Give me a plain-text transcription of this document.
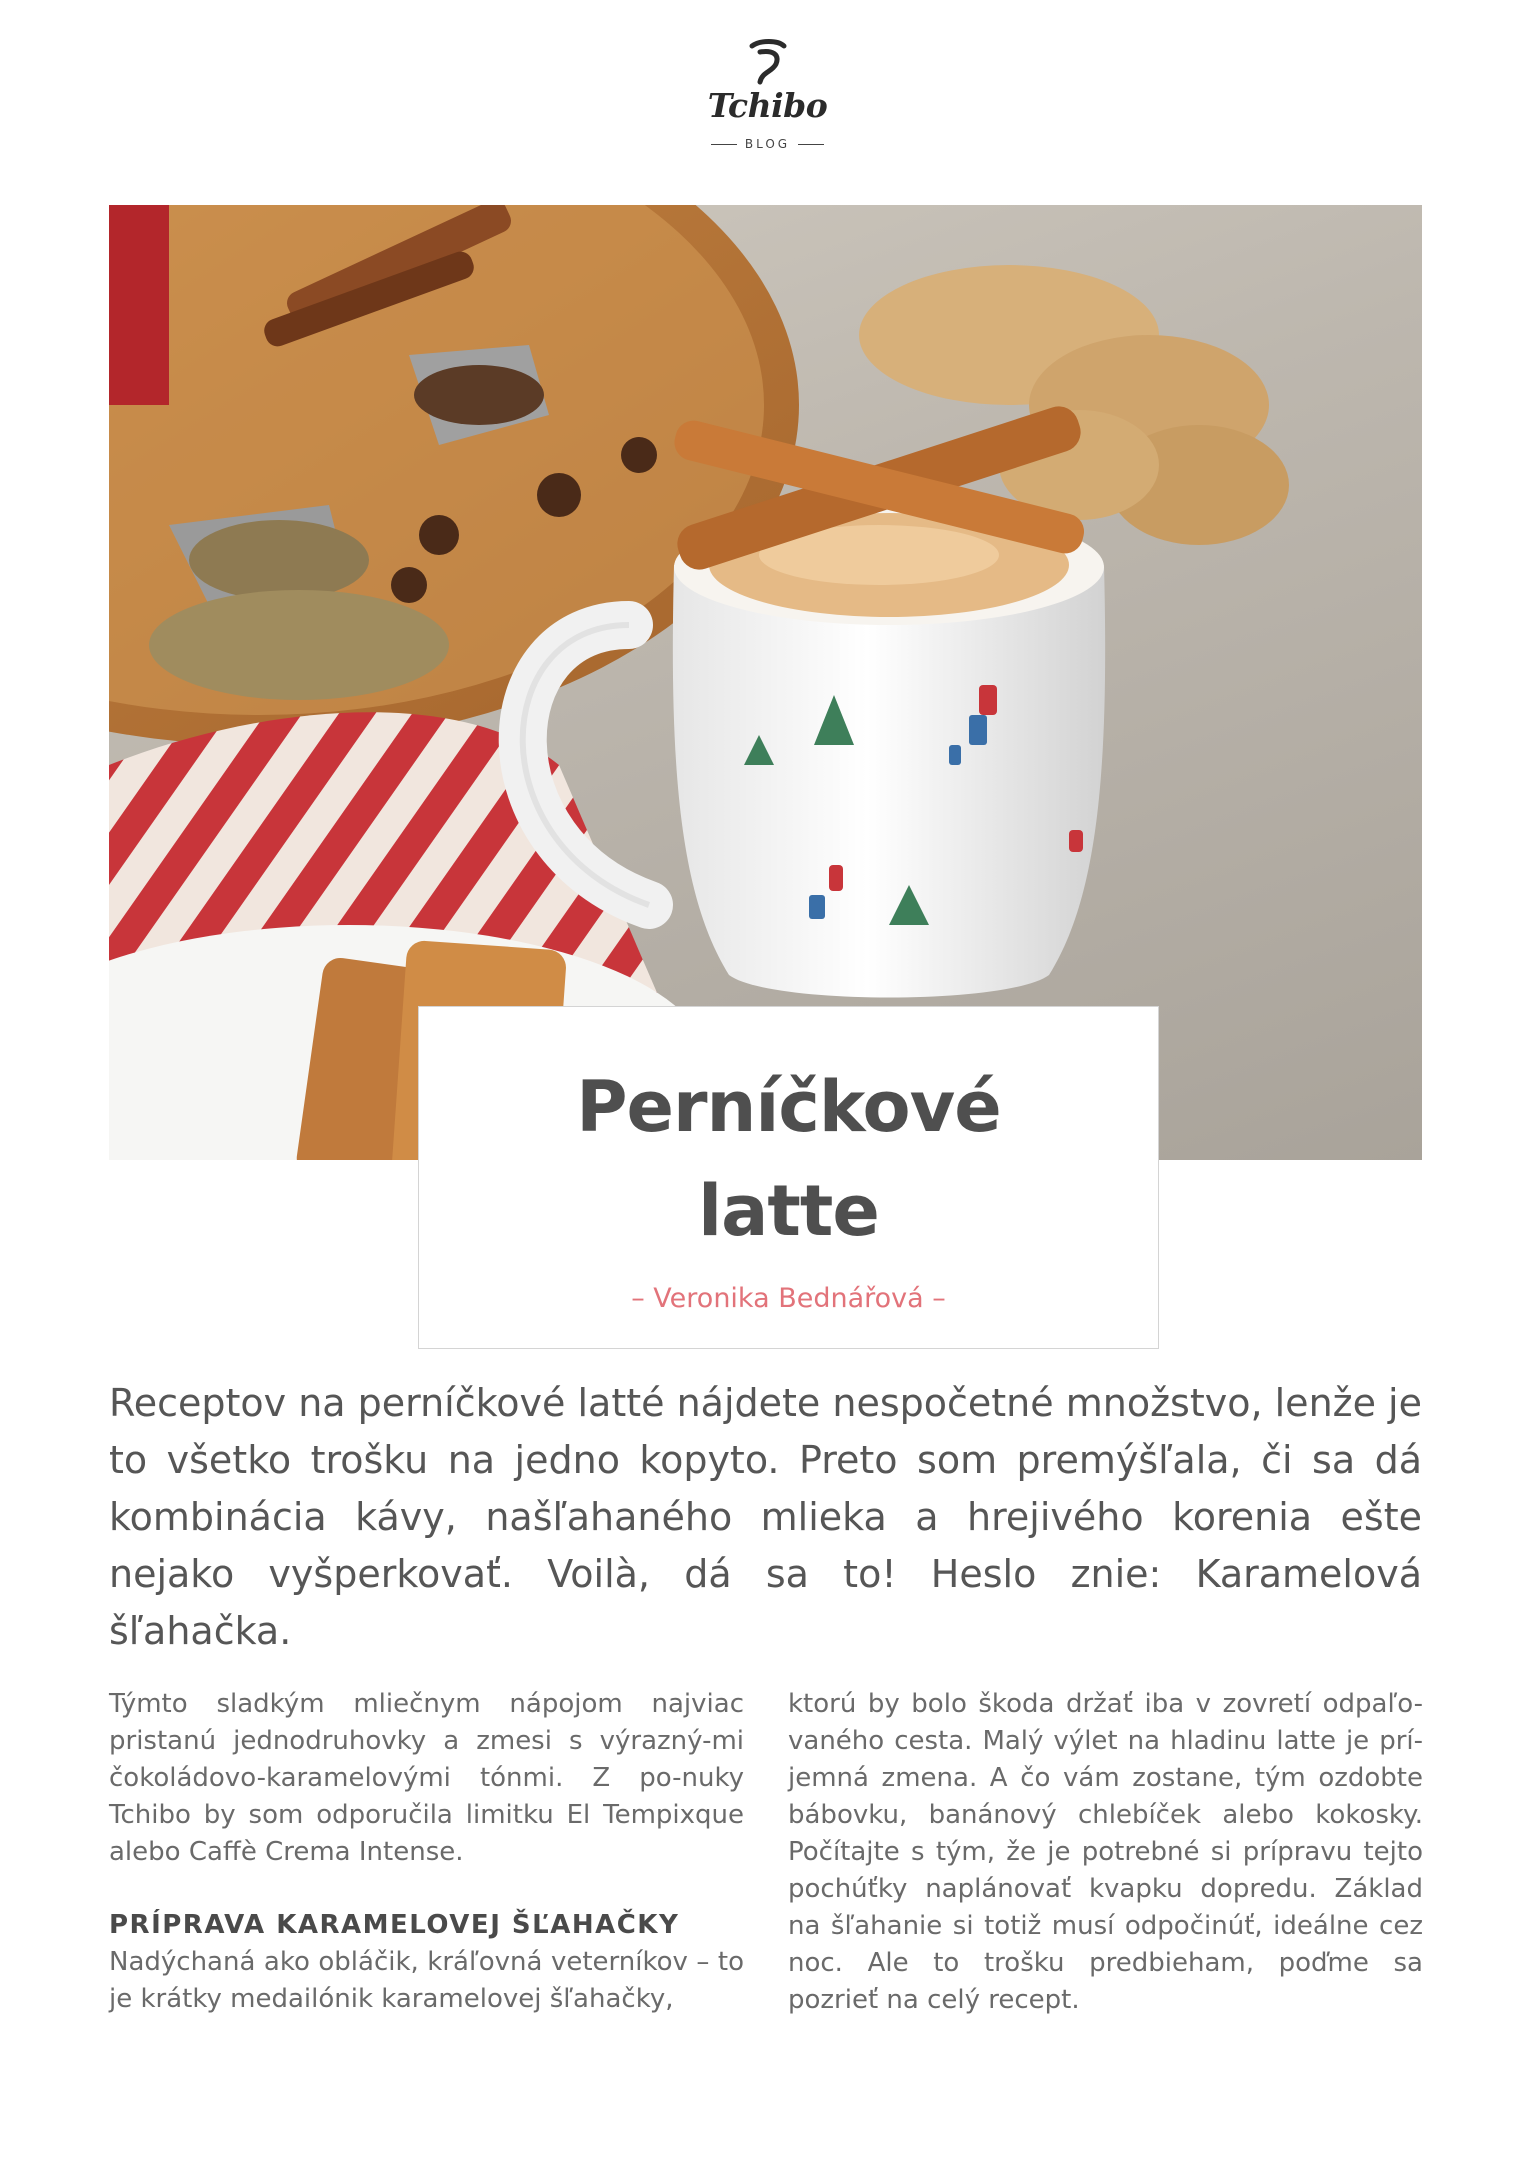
Tchibo
BLOG
Perníčkové
latte
– Veronika Bednářová –

Receptov na perníčkové latté nájdete nespočetné množstvo, lenže je to všetko trošku na jedno kopyto. Preto som premýšľala, či sa dá kombinácia kávy, našľahaného mlieka a hrejivého korenia ešte nejako vyšperkovať. Voilà, dá sa to! Heslo znie: Karamelová šľahačka.

Týmto sladkým mliečnym nápojom najviac pristanú jednodruhovky a zmesi s výrazný-mi čokoládovo-karamelovými tónmi. Z po-nuky Tchibo by som odporučila limitku El Tempixque alebo Caffè Crema Intense.

PRÍPRAVA KARAMELOVEJ ŠĽAHAČKY

Nadýchaná ako obláčik, kráľovná veterníkov – to je krátky medailónik karamelovej šľahačky,

ktorú by bolo škoda držať iba v zovretí odpaľo-vaného cesta. Malý výlet na hladinu latte je prí-jemná zmena. A čo vám zostane, tým ozdobte bábovku, banánový chlebíček alebo kokosky. Počítajte s tým, že je potrebné si prípravu tejto pochúťky naplánovať kvapku dopredu. Základ na šľahanie si totiž musí odpočinúť, ideálne cez noc. Ale to trošku predbieham, poďme sa pozrieť na celý recept.
